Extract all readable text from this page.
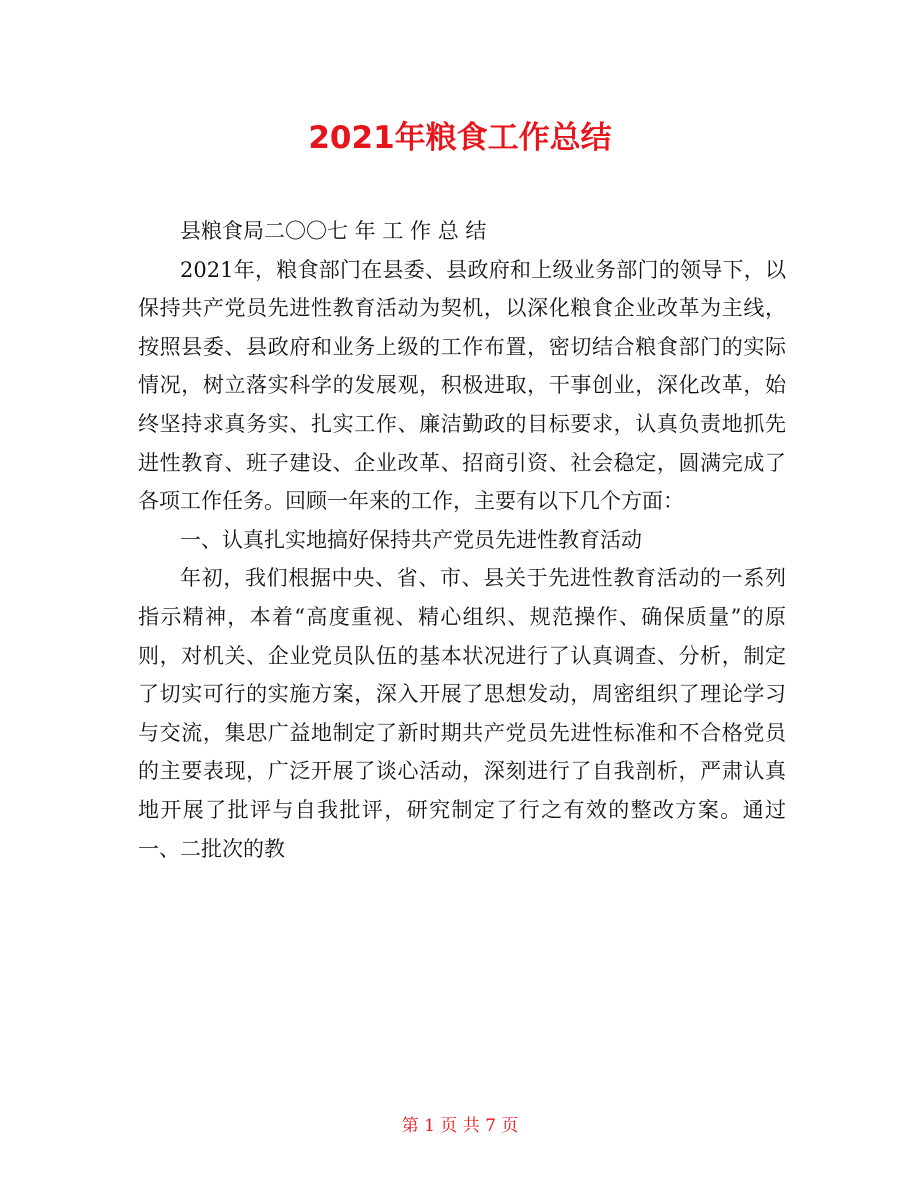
2021年粮食工作总结

县粮食局二〇〇七 年 工 作 总 结

2021年，粮食部门在县委、县政府和上级业务部门的领导下，以保持共产党员先进性教育活动为契机，以深化粮食企业改革为主线，按照县委、县政府和业务上级的工作布置，密切结合粮食部门的实际情况，树立落实科学的发展观，积极进取，干事创业，深化改革，始终坚持求真务实、扎实工作、廉洁勤政的目标要求，认真负责地抓先进性教育、班子建设、企业改革、招商引资、社会稳定，圆满完成了各项工作任务。回顾一年来的工作，主要有以下几个方面：

一、认真扎实地搞好保持共产党员先进性教育活动

年初，我们根据中央、省、市、县关于先进性教育活动的一系列指示精神，本着“高度重视、精心组织、规范操作、确保质量”的原则，对机关、企业党员队伍的基本状况进行了认真调查、分析，制定了切实可行的实施方案，深入开展了思想发动，周密组织了理论学习与交流，集思广益地制定了新时期共产党员先进性标准和不合格党员的主要表现，广泛开展了谈心活动，深刻进行了自我剖析，严肃认真地开展了批评与自我批评，研究制定了行之有效的整改方案。通过一、二批次的教

第 1 页 共 7 页
